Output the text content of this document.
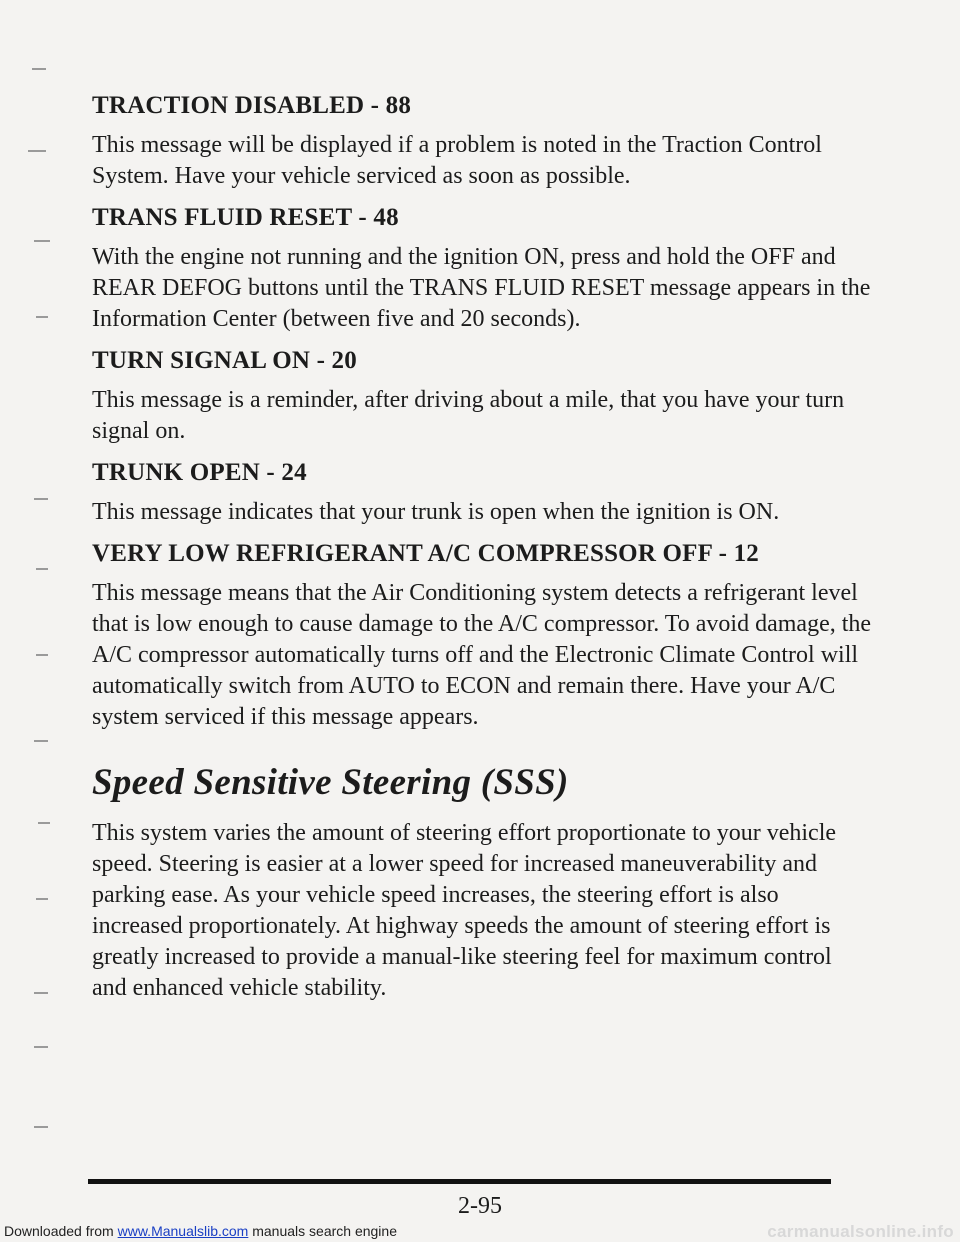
TRACTION DISABLED - 88

This message will be displayed if a problem is noted in the Traction Control System. Have your vehicle serviced as soon as possible.

TRANS FLUID RESET - 48

With the engine not running and the ignition ON, press and hold the OFF and REAR DEFOG buttons until the TRANS FLUID RESET message appears in the Information Center (between five and 20 seconds).

TURN SIGNAL ON - 20

This message is a reminder, after driving about a mile, that you have your turn signal on.

TRUNK OPEN - 24

This message indicates that your trunk is open when the ignition is ON.

VERY LOW REFRIGERANT A/C COMPRESSOR OFF - 12

This message means that the Air Conditioning system detects a refrigerant level that is low enough to cause damage to the A/C compressor. To avoid damage, the A/C compressor automatically turns off and the Electronic Climate Control will automatically switch from AUTO to ECON and remain there. Have your A/C system serviced if this message appears.

Speed Sensitive Steering (SSS)

This system varies the amount of steering effort proportionate to your vehicle speed. Steering is easier at a lower speed for increased maneuverability and parking ease. As your vehicle speed increases, the steering effort is also increased proportionately. At highway speeds the amount of steering effort is greatly increased to provide a manual-like steering feel for maximum control and enhanced vehicle stability.

2-95
Downloaded from www.Manualslib.com manuals search engine	carmanualsonline.info
